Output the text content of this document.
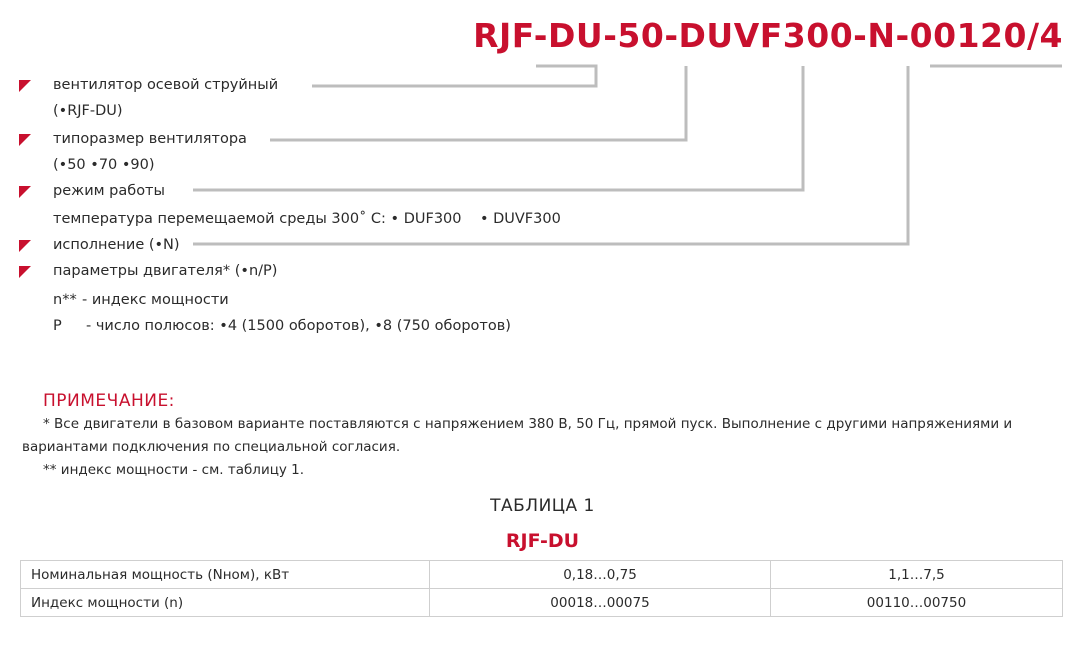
RJF-DU-50-DUVF300-N-00120/4
вентилятор осевой струйный
(•RJF-DU)
типоразмер вентилятора
(•50 •70 •90)
режим работы
температура перемещаемой среды 300˚ С: • DUF300    • DUVF300
исполнение (•N)
параметры двигателя* (•n/P)
n** - индекс мощности
P - число полюсов: •4 (1500 оборотов), •8 (750 оборотов)
ПРИМЕЧАНИЕ:
* Все двигатели в базовом варианте поставляются с напряжением 380 В, 50 Гц, прямой пуск. Выполнение с другими напряжениями и
вариантами подключения по специальной согласия.
** индекс мощности - см. таблицу 1.
ТАБЛИЦА 1
RJF-DU
Номинальная мощность (Nном), кВт	0,18…0,75	1,1…7,5
Индекс мощности (n)	00018…00075	00110…00750
